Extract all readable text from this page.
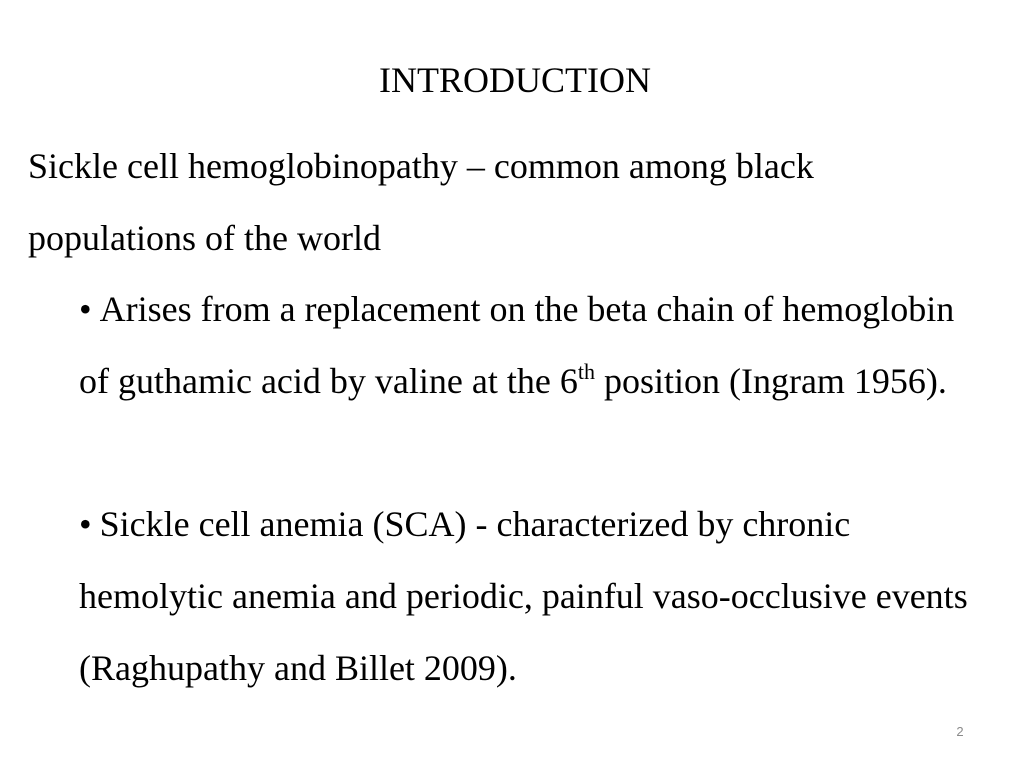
INTRODUCTION
Sickle cell hemoglobinopathy – common among black populations of the world
• Arises from a replacement on the beta chain of hemoglobin of guthamic acid by valine at the 6th position (Ingram 1956).
• Sickle cell anemia (SCA) - characterized by chronic hemolytic anemia and periodic, painful vaso-occlusive events (Raghupathy and Billet 2009).
2
